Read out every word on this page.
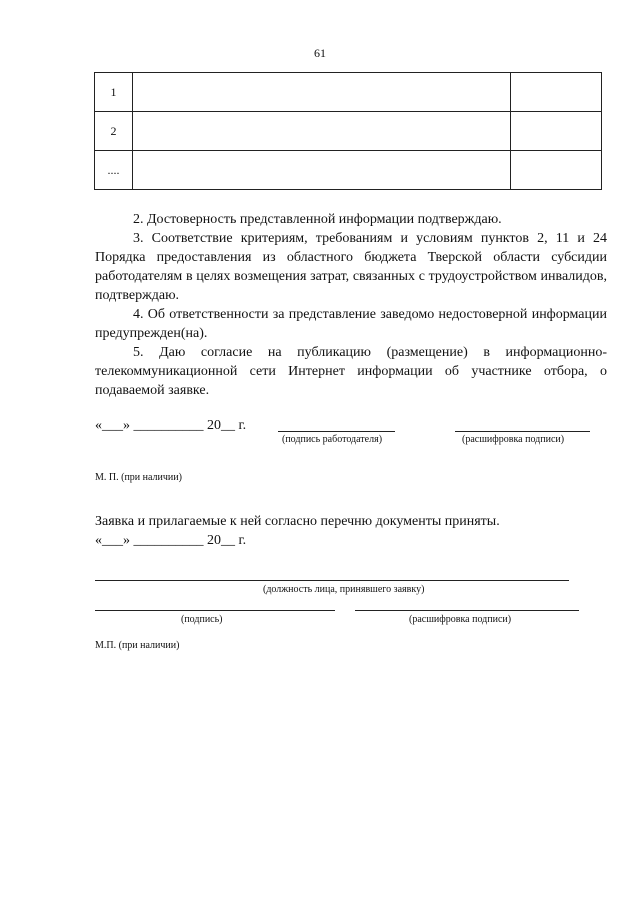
61
1		
2		
....		

2. Достоверность представленной информации подтверждаю.

3. Соответствие критериям, требованиям и условиям пунктов 2, 11 и 24 Порядка предоставления из областного бюджета Тверской области субсидии работодателям в целях возмещения затрат, связанных с трудоустройством инвалидов, подтверждаю.

4. Об ответственности за представление заведомо недостоверной информации предупрежден(на).

5. Даю согласие на публикацию (размещение) в информационно-телекоммуникационной сети Интернет информации об участнике отбора, о подаваемой заявке.

«___» __________ 20__ г.
(подпись работодателя)	(расшифровка подписи)
М. П. (при наличии)
Заявка и прилагаемые к ней согласно перечню документы приняты.
«___» __________ 20__ г.
(должность лица, принявшего заявку)
(подпись)	(расшифровка подписи)
М.П. (при наличии)
